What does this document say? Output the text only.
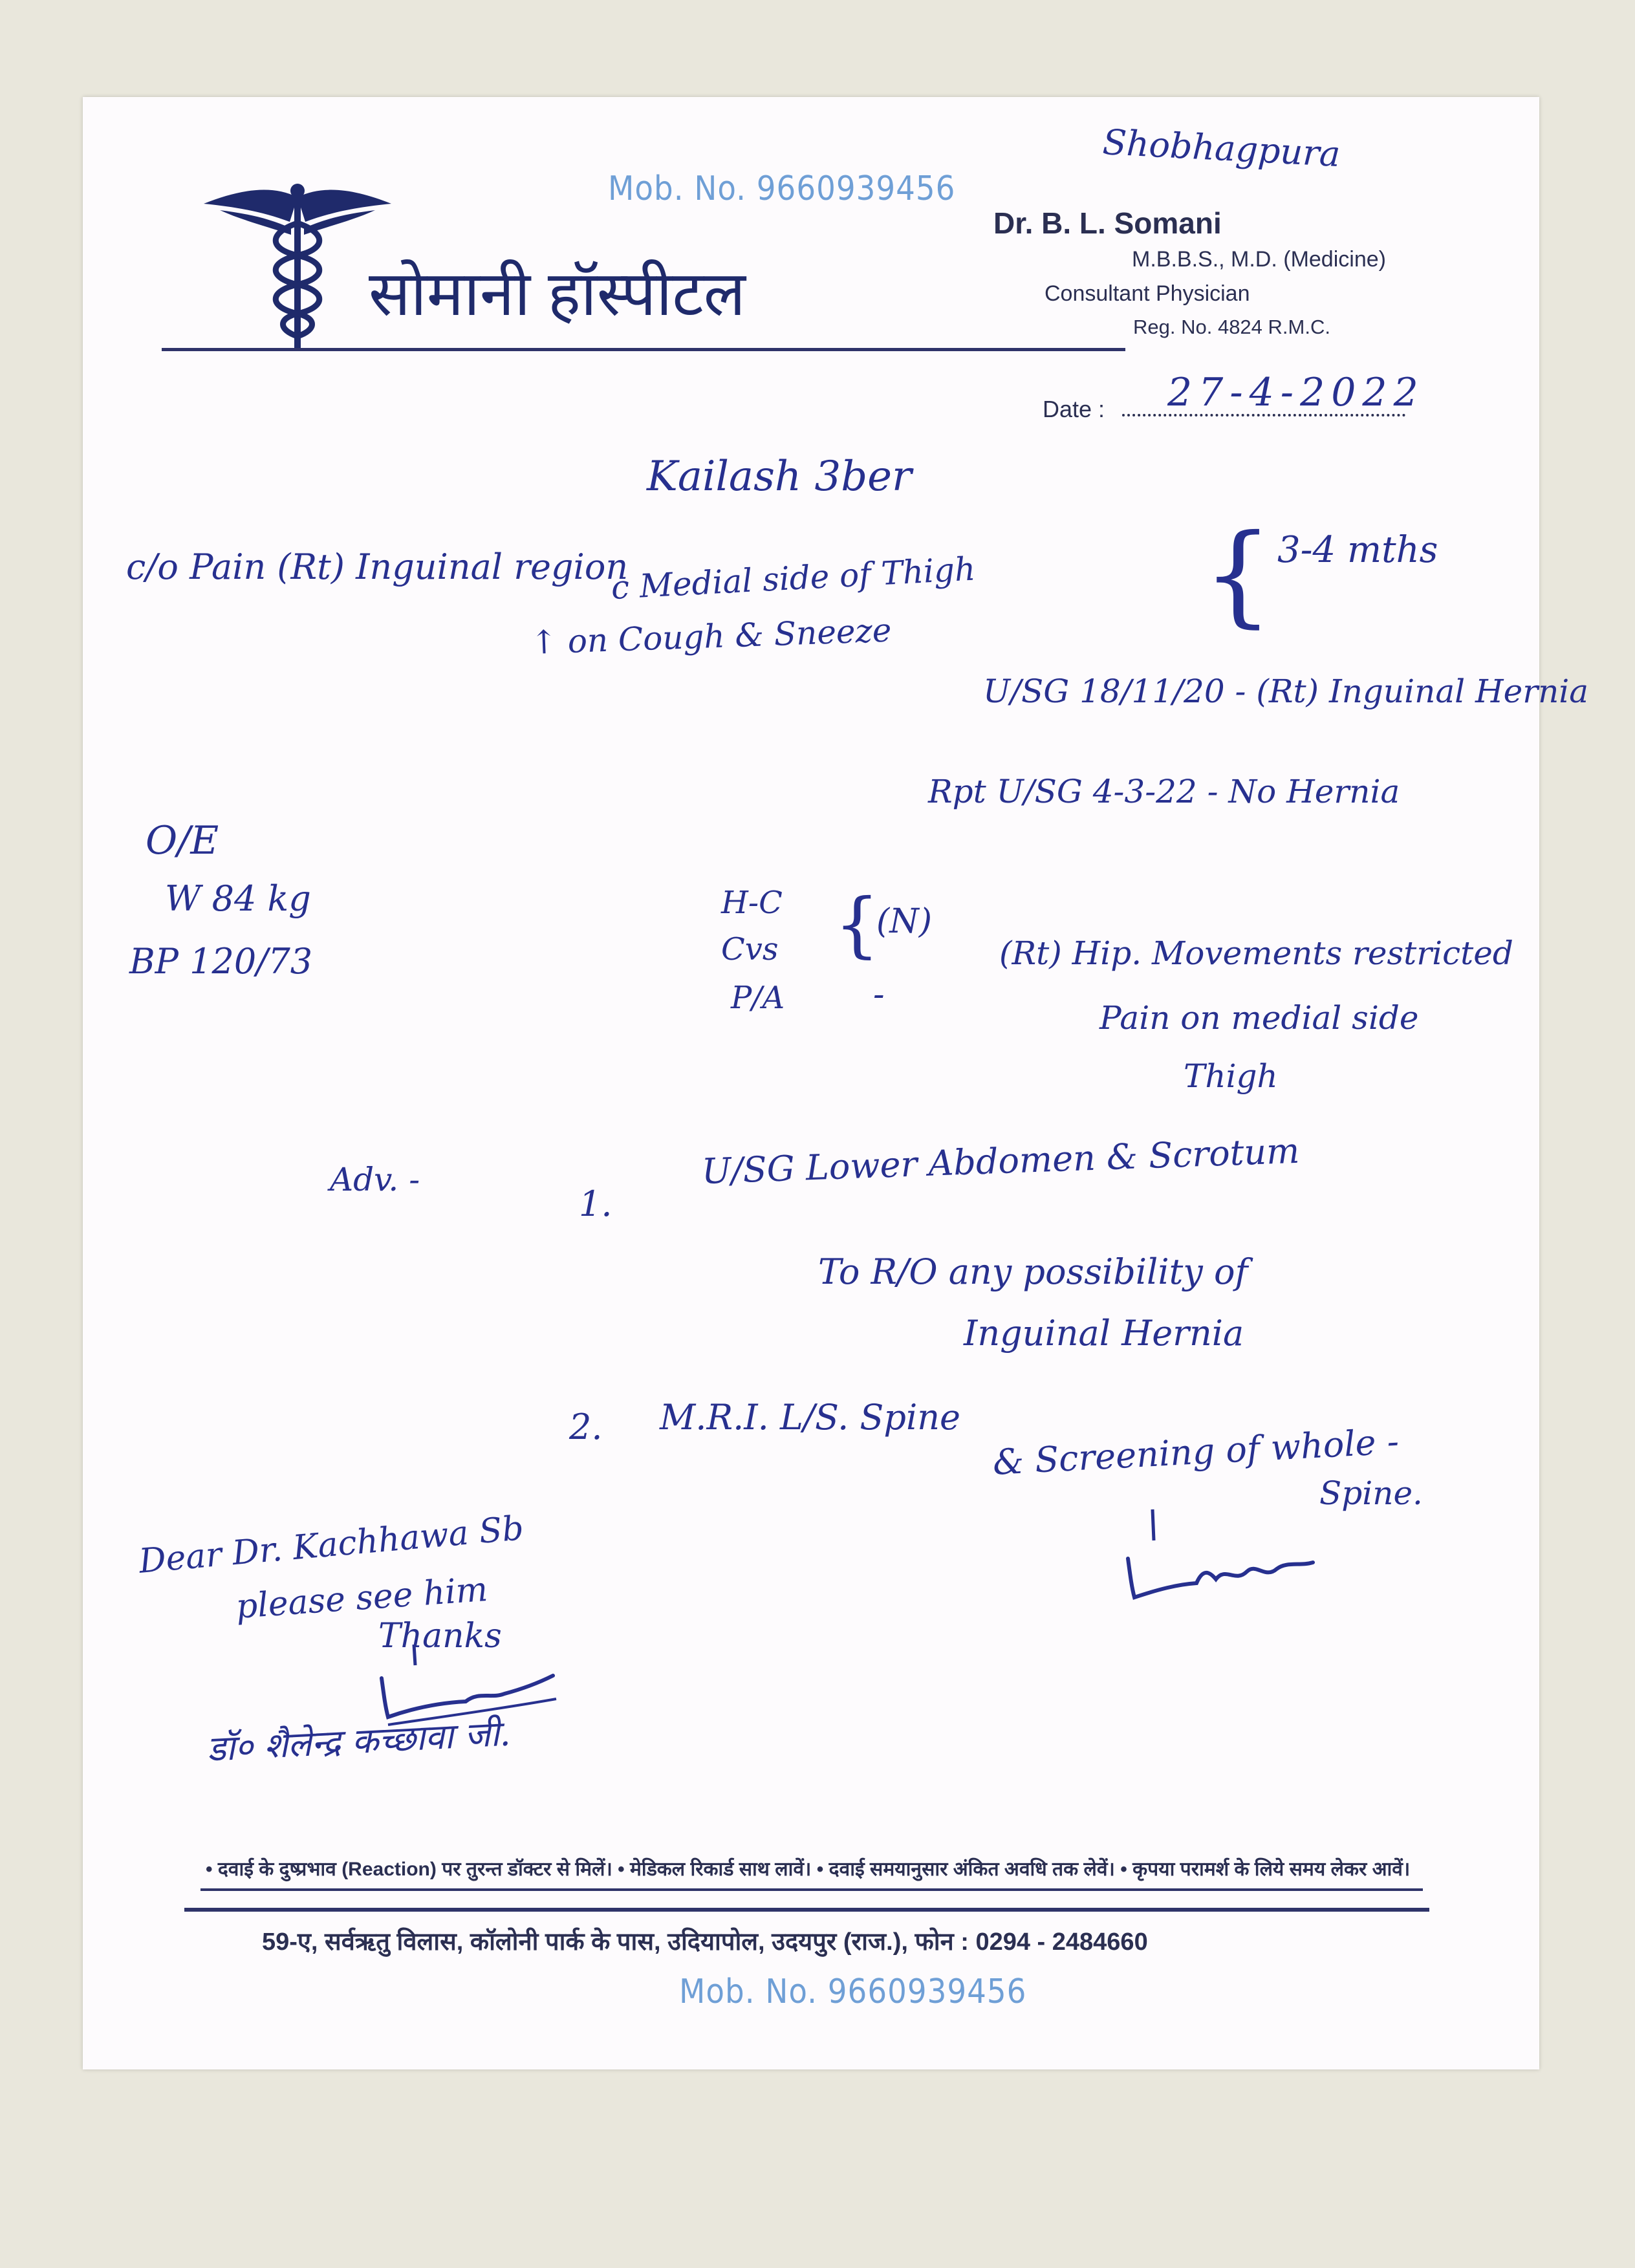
Mob. No. 9660939456
सोमानी हॉस्पीटल
Dr. B. L. Somani
M.B.B.S., M.D. (Medicine)
Consultant Physician
Reg. No. 4824 R.M.C.
Shobhagpura
Date : 27-4-2022
Kailash 3ber
c/o Pain (Rt) Inguinal region
c Medial side of Thigh
↑ on Cough & Sneeze	{ 3-4 mths
U/SG 18/11/20 - (Rt) Inguinal Hernia
Rpt U/SG 4-3-22 - No Hernia
O/E
W 84 kg
BP 120/73
H-C
Cvs
P/A
{
(N)
-
(Rt) Hip. Movements restricted
Pain on medial side
Thigh
Adv. -
1.
U/SG Lower Abdomen & Scrotum
To R/O any possibility of
Inguinal Hernia
2. M.R.I. L/S. Spine
& Screening of whole -
Spine.
Dear Dr. Kachhawa Sb
please see him
Thanks
डॉ० शैलेन्द्र कच्छावा जी.
• दवाई के दुष्प्रभाव (Reaction) पर तुरन्त डॉक्टर से मिलें। • मेडिकल रिकार्ड साथ लावें। • दवाई समयानुसार अंकित अवधि तक लेवें। • कृपया परामर्श के लिये समय लेकर आवें।
59-ए, सर्वऋतु विलास, कॉलोनी पार्क के पास, उदियापोल, उदयपुर (राज.), फोन : 0294 - 2484660
Mob. No. 9660939456
